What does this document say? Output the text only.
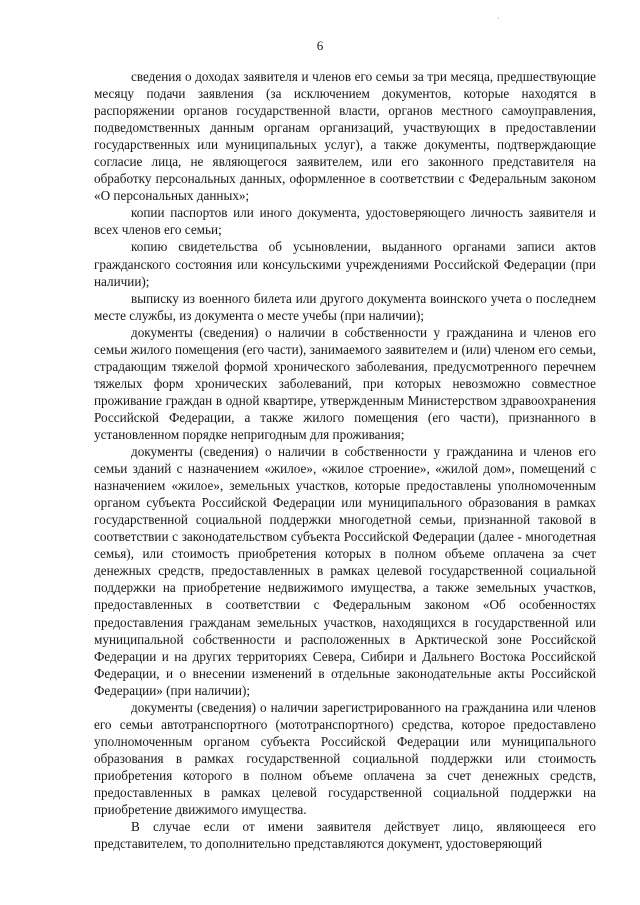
·
6

сведения о доходах заявителя и членов его семьи за три месяца, предшествующие месяцу подачи заявления (за исключением документов, которые находятся в распоряжении органов государственной власти, органов местного самоуправления, подведомственных данным органам организаций, участвующих в предоставлении государственных или муниципальных услуг), а также документы, подтверждающие согласие лица, не являющегося заявителем, или его законного представителя на обработку персональных данных, оформленное в соответствии с Федеральным законом «О персональных данных»;

копии паспортов или иного документа, удостоверяющего личность заявителя и всех членов его семьи;

копию свидетельства об усыновлении, выданного органами записи актов гражданского состояния или консульскими учреждениями Российской Федерации (при наличии);

выписку из военного билета или другого документа воинского учета о последнем месте службы, из документа о месте учебы (при наличии);

документы (сведения) о наличии в собственности у гражданина и членов его семьи жилого помещения (его части), занимаемого заявителем и (или) членом его семьи, страдающим тяжелой формой хронического заболевания, предусмотренного перечнем тяжелых форм хронических заболеваний, при которых невозможно совместное проживание граждан в одной квартире, утвержденным Министерством здравоохранения Российской Федерации, а также жилого помещения (его части), признанного в установленном порядке непригодным для проживания;

документы (сведения) о наличии в собственности у гражданина и членов его семьи зданий с назначением «жилое», «жилое строение», «жилой дом», помещений с назначением «жилое», земельных участков, которые предоставлены уполномоченным органом субъекта Российской Федерации или муниципального образования в рамках государственной социальной поддержки многодетной семьи, признанной таковой в соответствии с законодательством субъекта Российской Федерации (далее - многодетная семья), или стоимость приобретения которых в полном объеме оплачена за счет денежных средств, предоставленных в рамках целевой государственной социальной поддержки на приобретение недвижимого имущества, а также земельных участков, предоставленных в соответствии с Федеральным законом «Об особенностях предоставления гражданам земельных участков, находящихся в государственной или муниципальной собственности и расположенных в Арктической зоне Российской Федерации и на других территориях Севера, Сибири и Дальнего Востока Российской Федерации, и о внесении изменений в отдельные законодательные акты Российской Федерации» (при наличии);

документы (сведения) о наличии зарегистрированного на гражданина или членов его семьи автотранспортного (мототранспортного) средства, которое предоставлено уполномоченным органом субъекта Российской Федерации или муниципального образования в рамках государственной социальной поддержки или стоимость приобретения которого в полном объеме оплачена за счет денежных средств, предоставленных в рамках целевой государственной социальной поддержки на приобретение движимого имущества.

В случае если от имени заявителя действует лицо, являющееся его представителем, то дополнительно представляются документ, удостоверяющий
